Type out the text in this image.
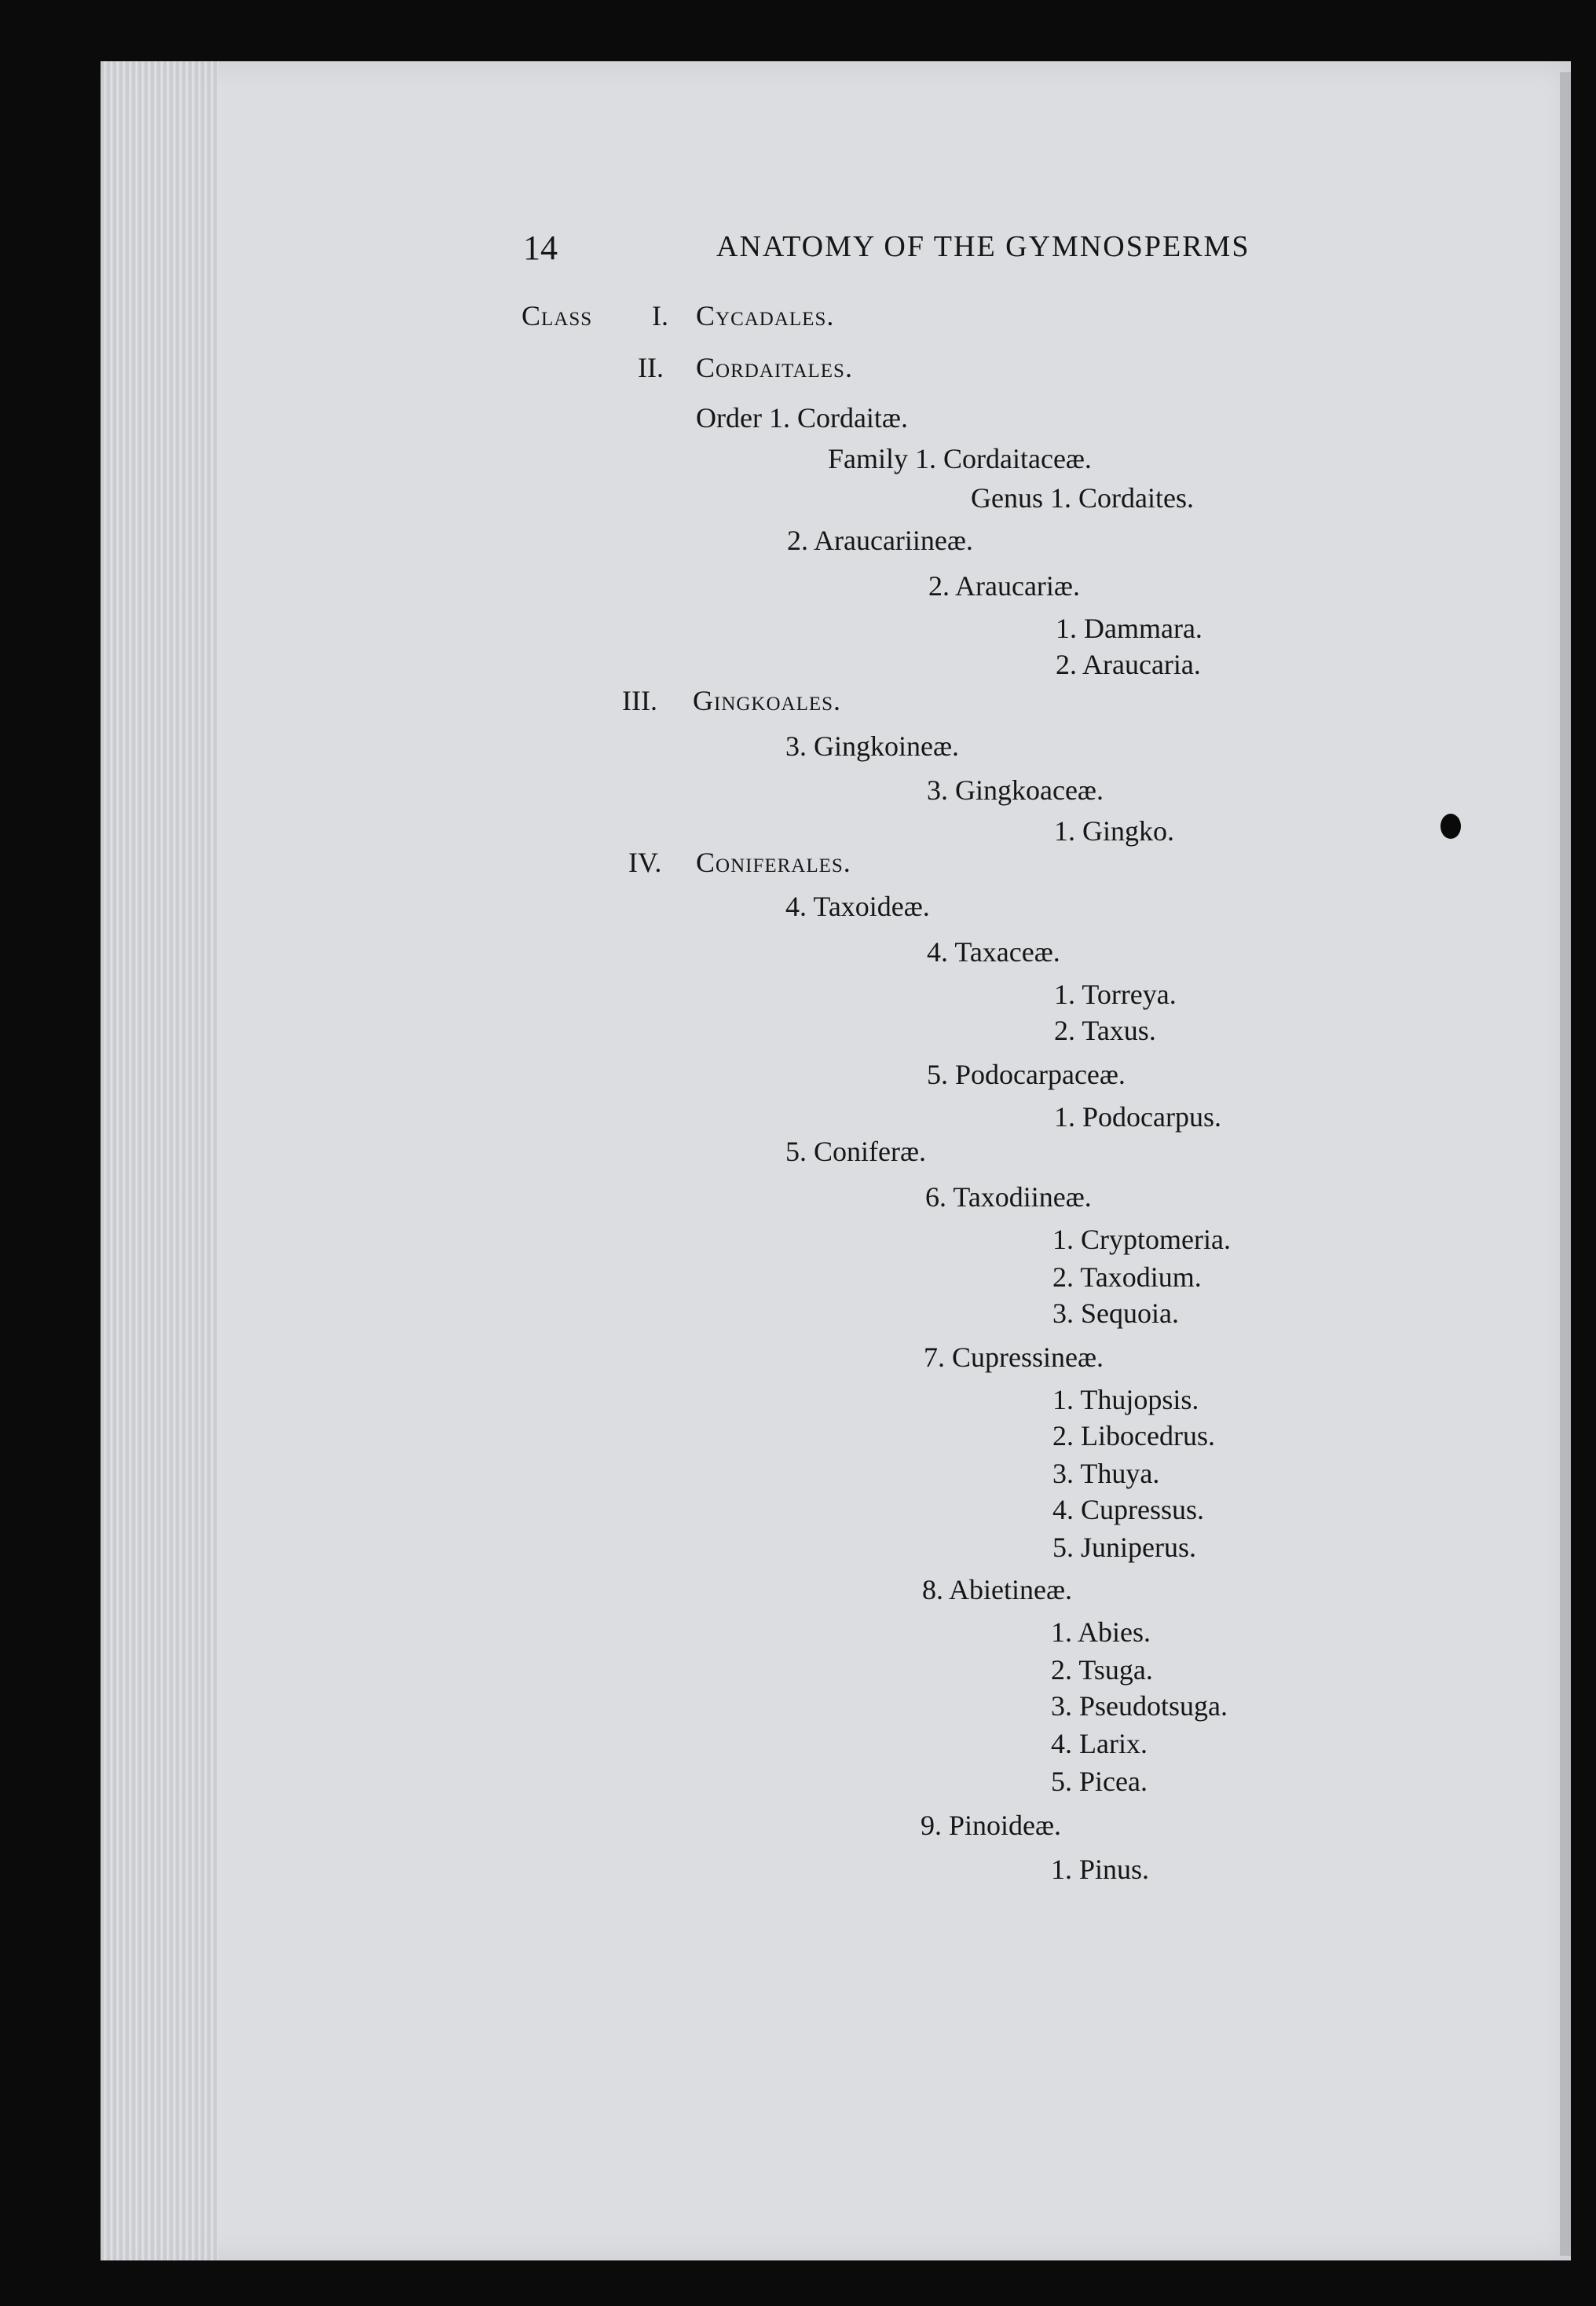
14	ANATOMY OF THE GYMNOSPERMS
Class I. Cycadales.
II. Cordaitales.
Order 1. Cordaitæ.
Family 1. Cordaitaceæ.
Genus 1. Cordaites.
2. Araucariineæ.
2. Araucariæ.
1. Dammara.
2. Araucaria.
III. Gingkoales.
3. Gingkoineæ.
3. Gingkoaceæ.
1. Gingko.
IV. Coniferales.
4. Taxoideæ.
4. Taxaceæ.
1. Torreya.
2. Taxus.
5. Podocarpaceæ.
1. Podocarpus.
5. Coniferæ.
6. Taxodiineæ.
1. Cryptomeria.
2. Taxodium.
3. Sequoia.
7. Cupressineæ.
1. Thujopsis.
2. Libocedrus.
3. Thuya.
4. Cupressus.
5. Juniperus.
8. Abietineæ.
1. Abies.
2. Tsuga.
3. Pseudotsuga.
4. Larix.
5. Picea.
9. Pinoideæ.
1. Pinus.
